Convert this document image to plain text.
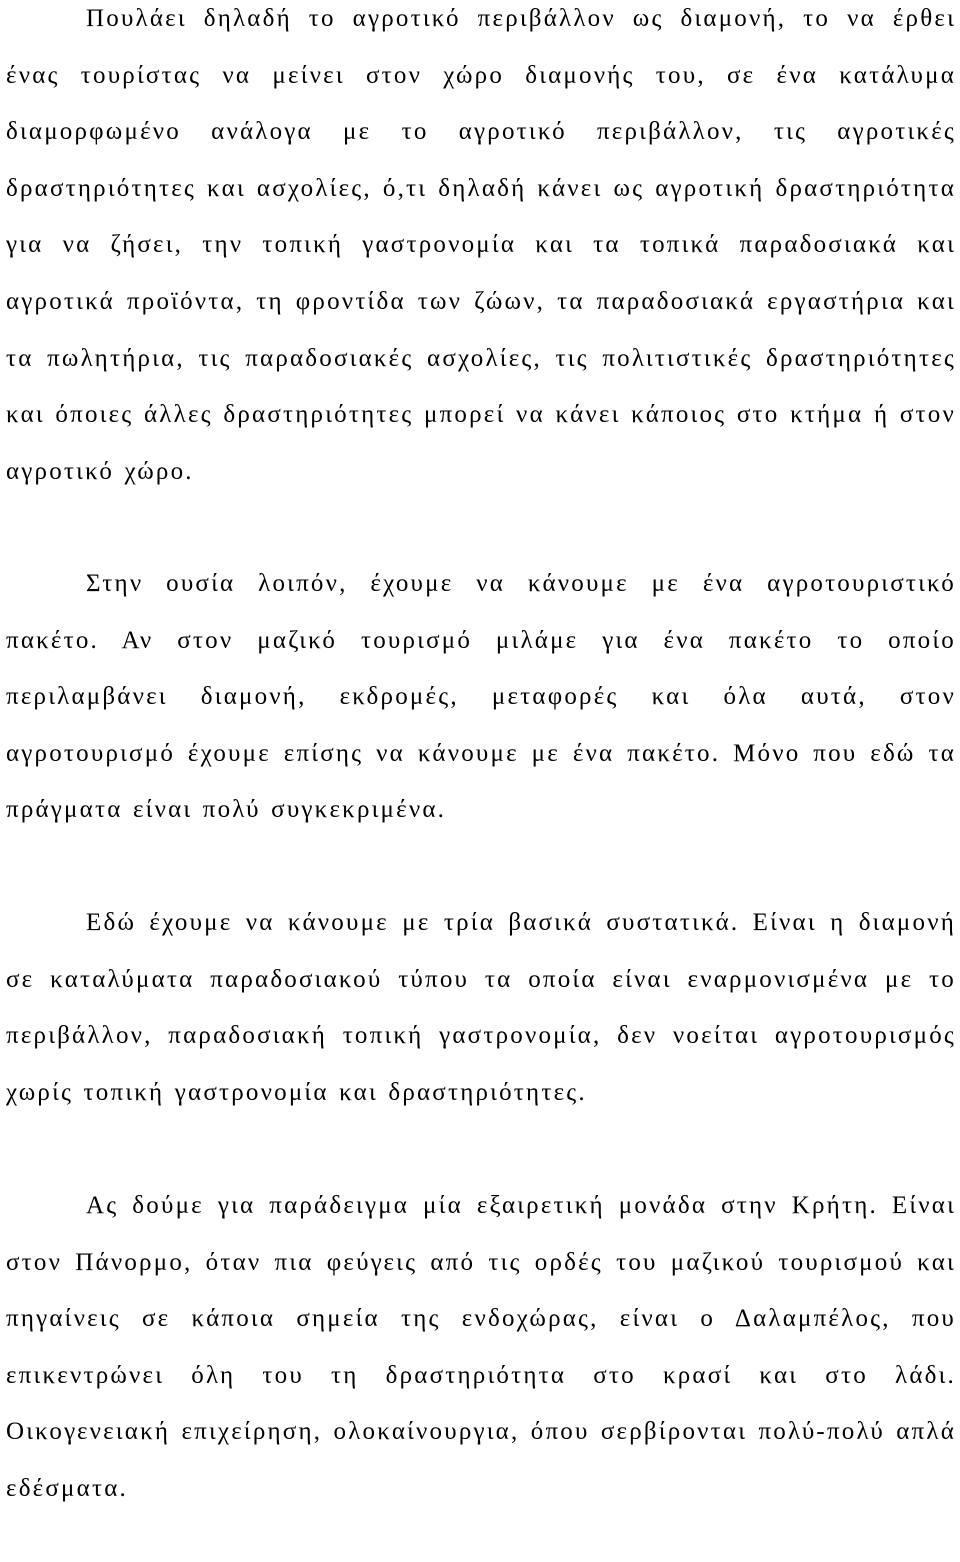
Πουλάει δηλαδή το αγροτικό περιβάλλον ως διαμονή, το να έρθει ένας τουρίστας να μείνει στον χώρο διαμονής του, σε ένα κατάλυμα διαμορφωμένο ανάλογα με το αγροτικό περιβάλλον, τις αγροτικές δραστηριότητες και ασχολίες, ό,τι δηλαδή κάνει ως αγροτική δραστηριότητα για να ζήσει, την τοπική γαστρονομία και τα τοπικά παραδοσιακά και αγροτικά προϊόντα, τη φροντίδα των ζώων, τα παραδοσιακά εργαστήρια και τα πωλητήρια, τις παραδοσιακές ασχολίες, τις πολιτιστικές δραστηριότητες και όποιες άλλες δραστηριότητες μπορεί να κάνει κάποιος στο κτήμα ή στον αγροτικό χώρο.

Στην ουσία λοιπόν, έχουμε να κάνουμε με ένα αγροτουριστικό πακέτο. Αν στον μαζικό τουρισμό μιλάμε για ένα πακέτο το οποίο περιλαμβάνει διαμονή, εκδρομές, μεταφορές και όλα αυτά, στον αγροτουρισμό έχουμε επίσης να κάνουμε με ένα πακέτο. Μόνο που εδώ τα πράγματα είναι πολύ συγκεκριμένα.

Εδώ έχουμε να κάνουμε με τρία βασικά συστατικά. Είναι η διαμονή σε καταλύματα παραδοσιακού τύπου τα οποία είναι εναρμονισμένα με το περιβάλλον, παραδοσιακή τοπική γαστρονομία, δεν νοείται αγροτουρισμός χωρίς τοπική γαστρονομία και δραστηριότητες.

Ας δούμε για παράδειγμα μία εξαιρετική μονάδα στην Κρήτη. Είναι στον Πάνορμο, όταν πια φεύγεις από τις ορδές του μαζικού τουρισμού και πηγαίνεις σε κάποια σημεία της ενδοχώρας, είναι ο Δαλαμπέλος, που επικεντρώνει όλη του τη δραστηριότητα στο κρασί και στο λάδι. Οικογενειακή επιχείρηση, ολοκαίνουργια, όπου σερβίρονται πολύ-πολύ απλά εδέσματα.
